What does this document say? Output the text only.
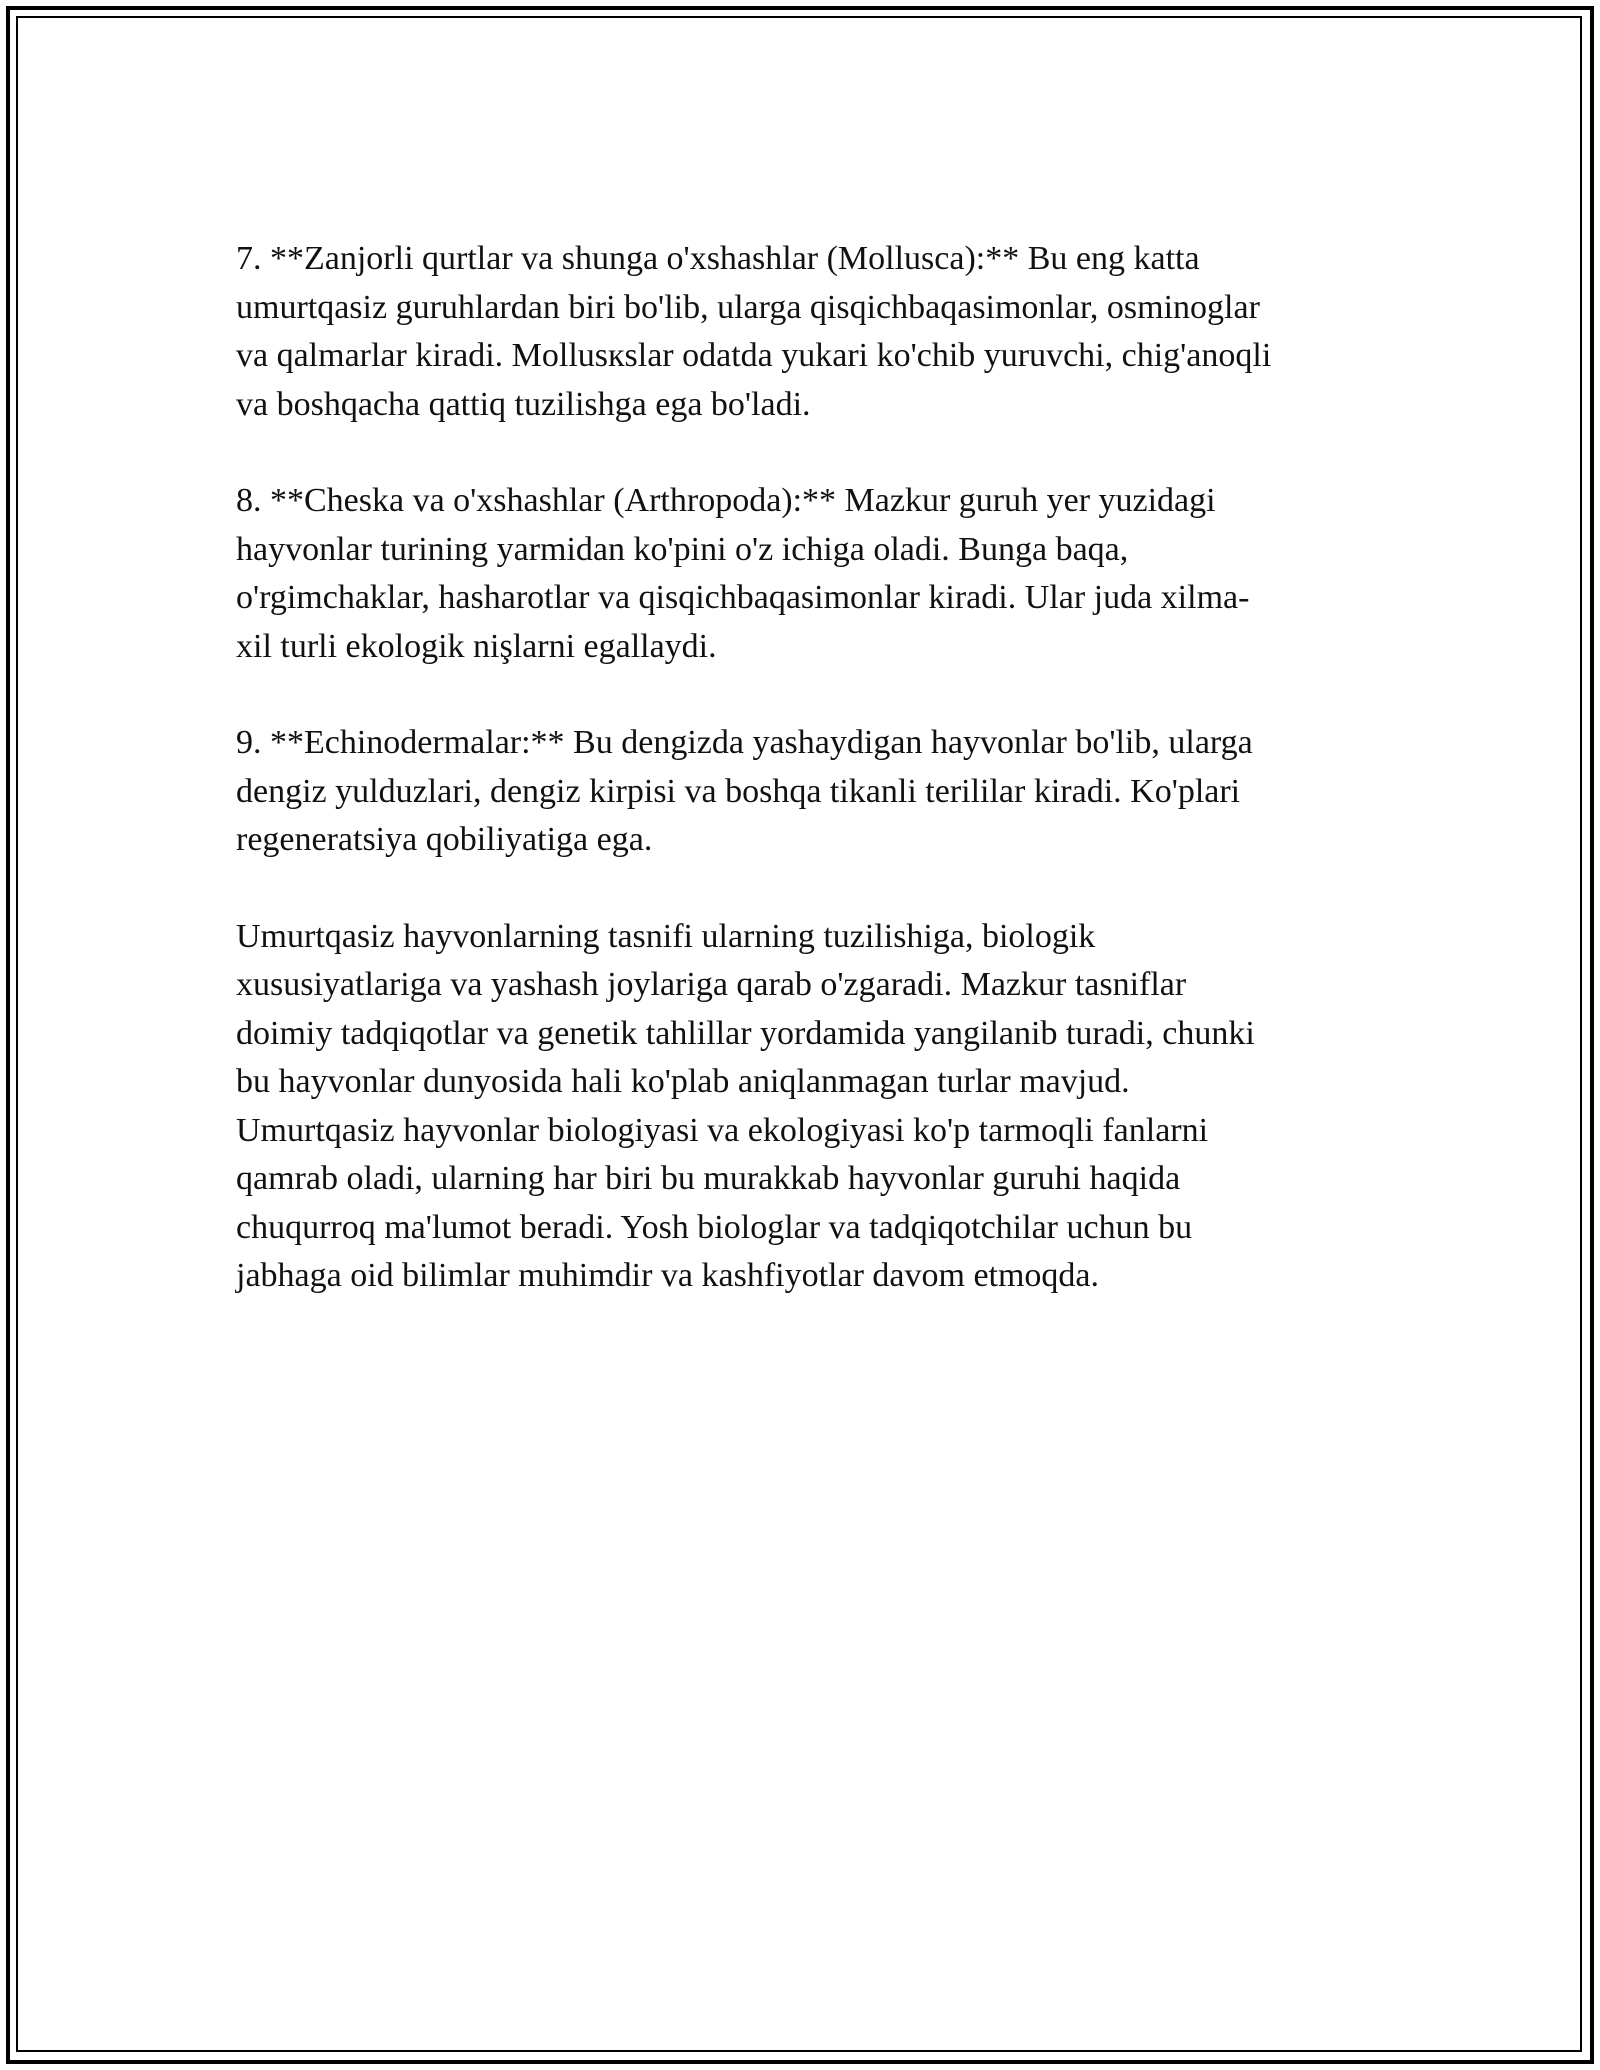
7. **Zanjorli qurtlar va shunga o'xshashlar (Mollusca):** Bu eng katta
umurtqasiz guruhlardan biri bo'lib, ularga qisqichbaqasimonlar, osminoglar
va qalmarlar kiradi. Mollusкslar odatda yukari ko'chib yuruvchi, chig'anoqli
va boshqacha qattiq tuzilishga ega bo'ladi.

8. **Cheska va o'xshashlar (Arthropoda):** Mazkur guruh yer yuzidagi
hayvonlar turining yarmidan ko'pini o'z ichiga oladi. Bunga baqa,
o'rgimchaklar, hasharotlar va qisqichbaqasimonlar kiradi. Ular juda xilma-
xil turli ekologik nişlarni egallaydi.

9. **Echinodermalar:** Bu dengizda yashaydigan hayvonlar bo'lib, ularga
dengiz yulduzlari, dengiz kirpisi va boshqa tikanli terililar kiradi. Ko'plari
regeneratsiya qobiliyatiga ega.

Umurtqasiz hayvonlarning tasnifi ularning tuzilishiga, biologik
xususiyatlariga va yashash joylariga qarab o'zgaradi. Mazkur tasniflar
doimiy tadqiqotlar va genetik tahlillar yordamida yangilanib turadi, chunki
bu hayvonlar dunyosida hali ko'plab aniqlanmagan turlar mavjud.
Umurtqasiz hayvonlar biologiyasi va ekologiyasi ko'p tarmoqli fanlarni
qamrab oladi, ularning har biri bu murakkab hayvonlar guruhi haqida
chuqurroq ma'lumot beradi. Yosh biologlar va tadqiqotchilar uchun bu
jabhaga oid bilimlar muhimdir va kashfiyotlar davom etmoqda.
